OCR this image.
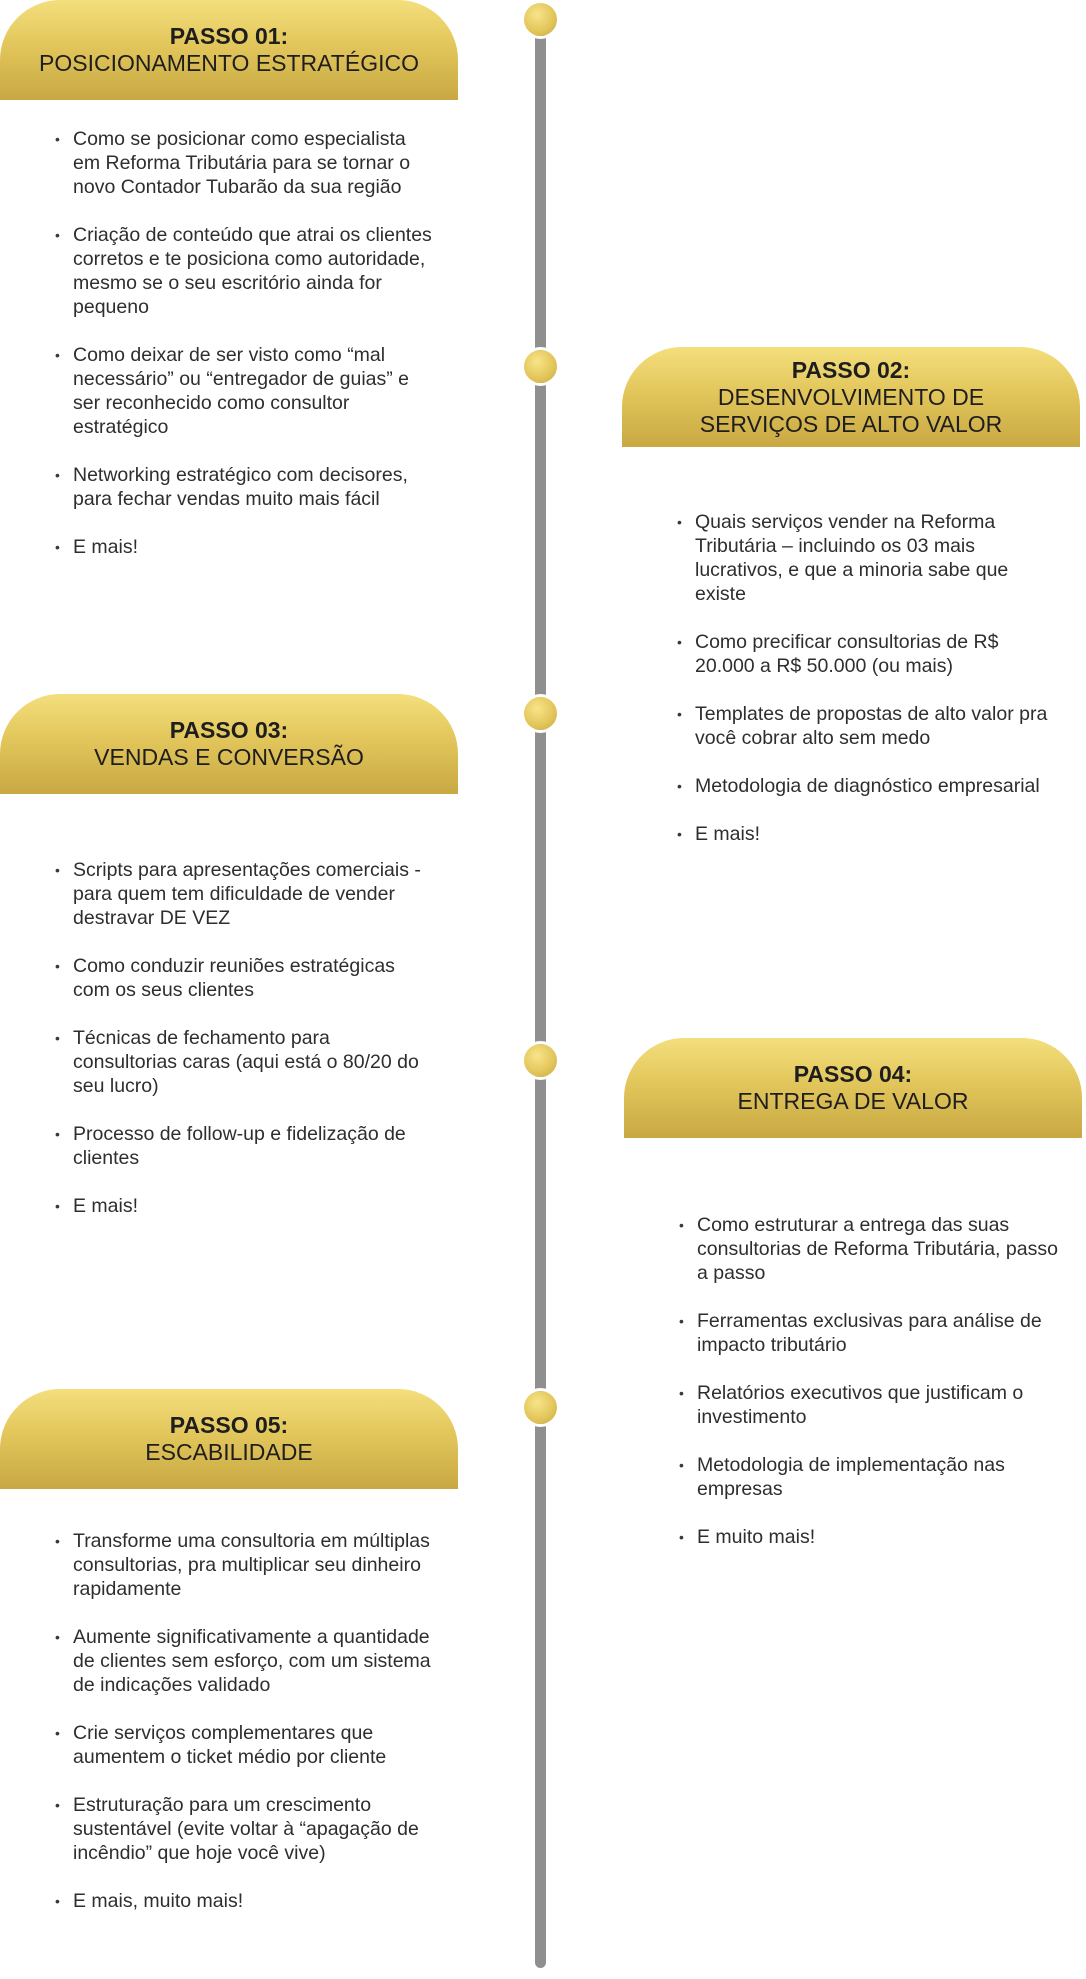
PASSO 01:
POSICIONAMENTO ESTRATÉGICO
• Como se posicionar como especialista em Reforma Tributária para se tornar o novo Contador Tubarão da sua região
• Criação de conteúdo que atrai os clientes corretos e te posiciona como autoridade, mesmo se o seu escritório ainda for pequeno
• Como deixar de ser visto como “mal necessário” ou “entregador de guias” e ser reconhecido como consultor estratégico
• Networking estratégico com decisores, para fechar vendas muito mais fácil
• E mais!
PASSO 02:
DESENVOLVIMENTO DE
SERVIÇOS DE ALTO VALOR
• Quais serviços vender na Reforma Tributária – incluindo os 03 mais lucrativos, e que a minoria sabe que existe
• Como precificar consultorias de R$ 20.000 a R$ 50.000 (ou mais)
• Templates de propostas de alto valor pra você cobrar alto sem medo
• Metodologia de diagnóstico empresarial
• E mais!
PASSO 03:
VENDAS E CONVERSÃO
• Scripts para apresentações comerciais - para quem tem dificuldade de vender destravar DE VEZ
• Como conduzir reuniões estratégicas com os seus clientes
• Técnicas de fechamento para consultorias caras (aqui está o 80/20 do seu lucro)
• Processo de follow-up e fidelização de clientes
• E mais!
PASSO 04:
ENTREGA DE VALOR
• Como estruturar a entrega das suas consultorias de Reforma Tributária, passo a passo
• Ferramentas exclusivas para análise de impacto tributário
• Relatórios executivos que justificam o investimento
• Metodologia de implementação nas empresas
• E muito mais!
PASSO 05:
ESCABILIDADE
• Transforme uma consultoria em múltiplas consultorias, pra multiplicar seu dinheiro rapidamente
• Aumente significativamente a quantidade de clientes sem esforço, com um sistema de indicações validado
• Crie serviços complementares que aumentem o ticket médio por cliente
• Estruturação para um crescimento sustentável (evite voltar à “apagação de incêndio” que hoje você vive)
• E mais, muito mais!
